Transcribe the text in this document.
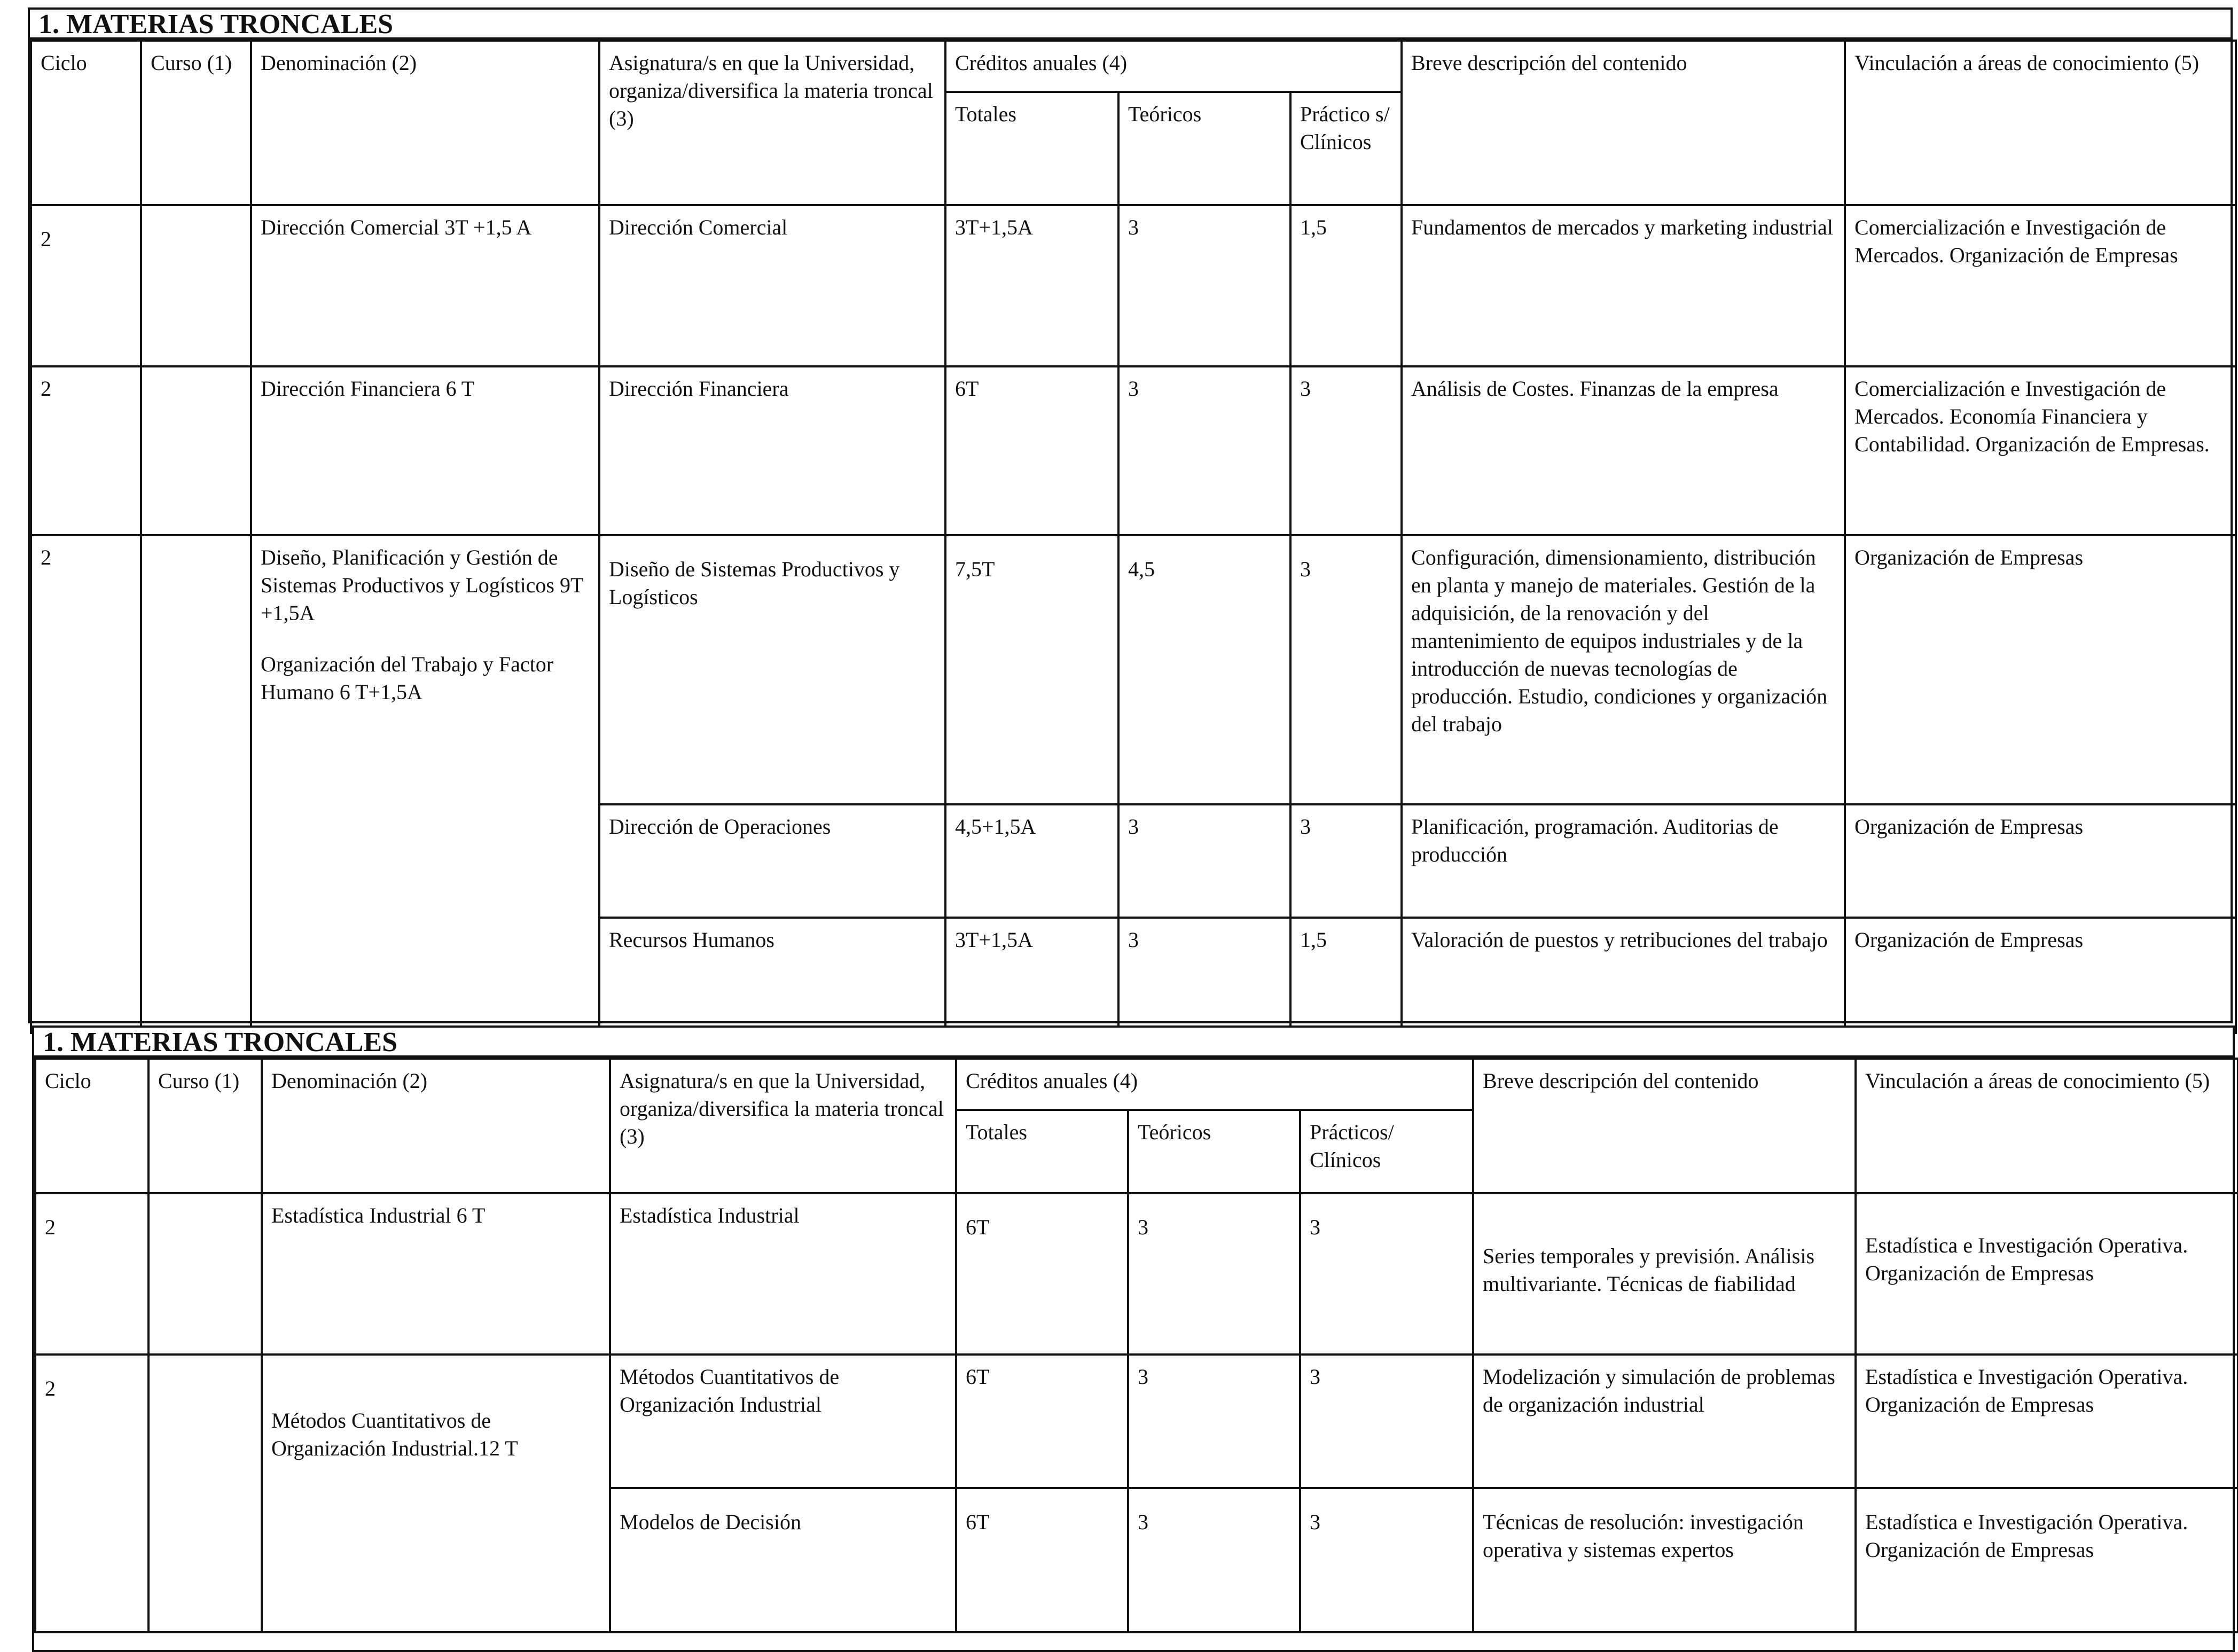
1. MATERIAS TRONCALES
Ciclo	Curso (1)	Denominación (2)	Asignatura/s en que la Universidad, organiza/diversifica la materia troncal (3)	Créditos anuales (4)			Breve descripción del contenido	Vinculación a áreas de conocimiento (5)
				Totales	Teóricos	Práctico s/ Clínicos		
2		Dirección Comercial 3T +1,5 A	Dirección Comercial	3T+1,5A	3	1,5	Fundamentos de mercados y marketing industrial	Comercialización e Investigación de Mercados. Organización de Empresas
2		Dirección Financiera 6 T	Dirección Financiera	6T	3	3	Análisis de Costes. Finanzas de la empresa	Comercialización e Investigación de Mercados. Economía Financiera y Contabilidad. Organización de Empresas.
2		Diseño, Planificación y Gestión de Sistemas Productivos y Logísticos 9T +1,5A
Organización del Trabajo y Factor Humano 6 T+1,5A	Diseño de Sistemas Productivos y Logísticos	7,5T	4,5	3	Configuración, dimensionamiento, distribución en planta y manejo de materiales. Gestión de la adquisición, de la renovación y del mantenimiento de equipos industriales y de la introducción de nuevas tecnologías de producción. Estudio, condiciones y organización del trabajo	Organización de Empresas
			Dirección de Operaciones	4,5+1,5A	3	3	Planificación, programación. Auditorias de producción	Organización de Empresas
			Recursos Humanos	3T+1,5A	3	1,5	Valoración de puestos y retribuciones del trabajo	Organización de Empresas
1. MATERIAS TRONCALES
Ciclo	Curso (1)	Denominación (2)	Asignatura/s en que la Universidad, organiza/diversifica la materia troncal (3)	Créditos anuales (4)			Breve descripción del contenido	Vinculación a áreas de conocimiento (5)
				Totales	Teóricos	Prácticos/ Clínicos		
2		Estadística Industrial 6 T	Estadística Industrial	6T	3	3	Series temporales y previsión. Análisis multivariante. Técnicas de fiabilidad	Estadística e Investigación Operativa. Organización de Empresas
2		Métodos Cuantitativos de Organización Industrial.12 T	Métodos Cuantitativos de Organización Industrial	6T	3	3	Modelización y simulación de problemas de organización industrial	Estadística e Investigación Operativa. Organización de Empresas
			Modelos de Decisión	6T	3	3	Técnicas de resolución: investigación operativa y sistemas expertos	Estadística e Investigación Operativa. Organización de Empresas
